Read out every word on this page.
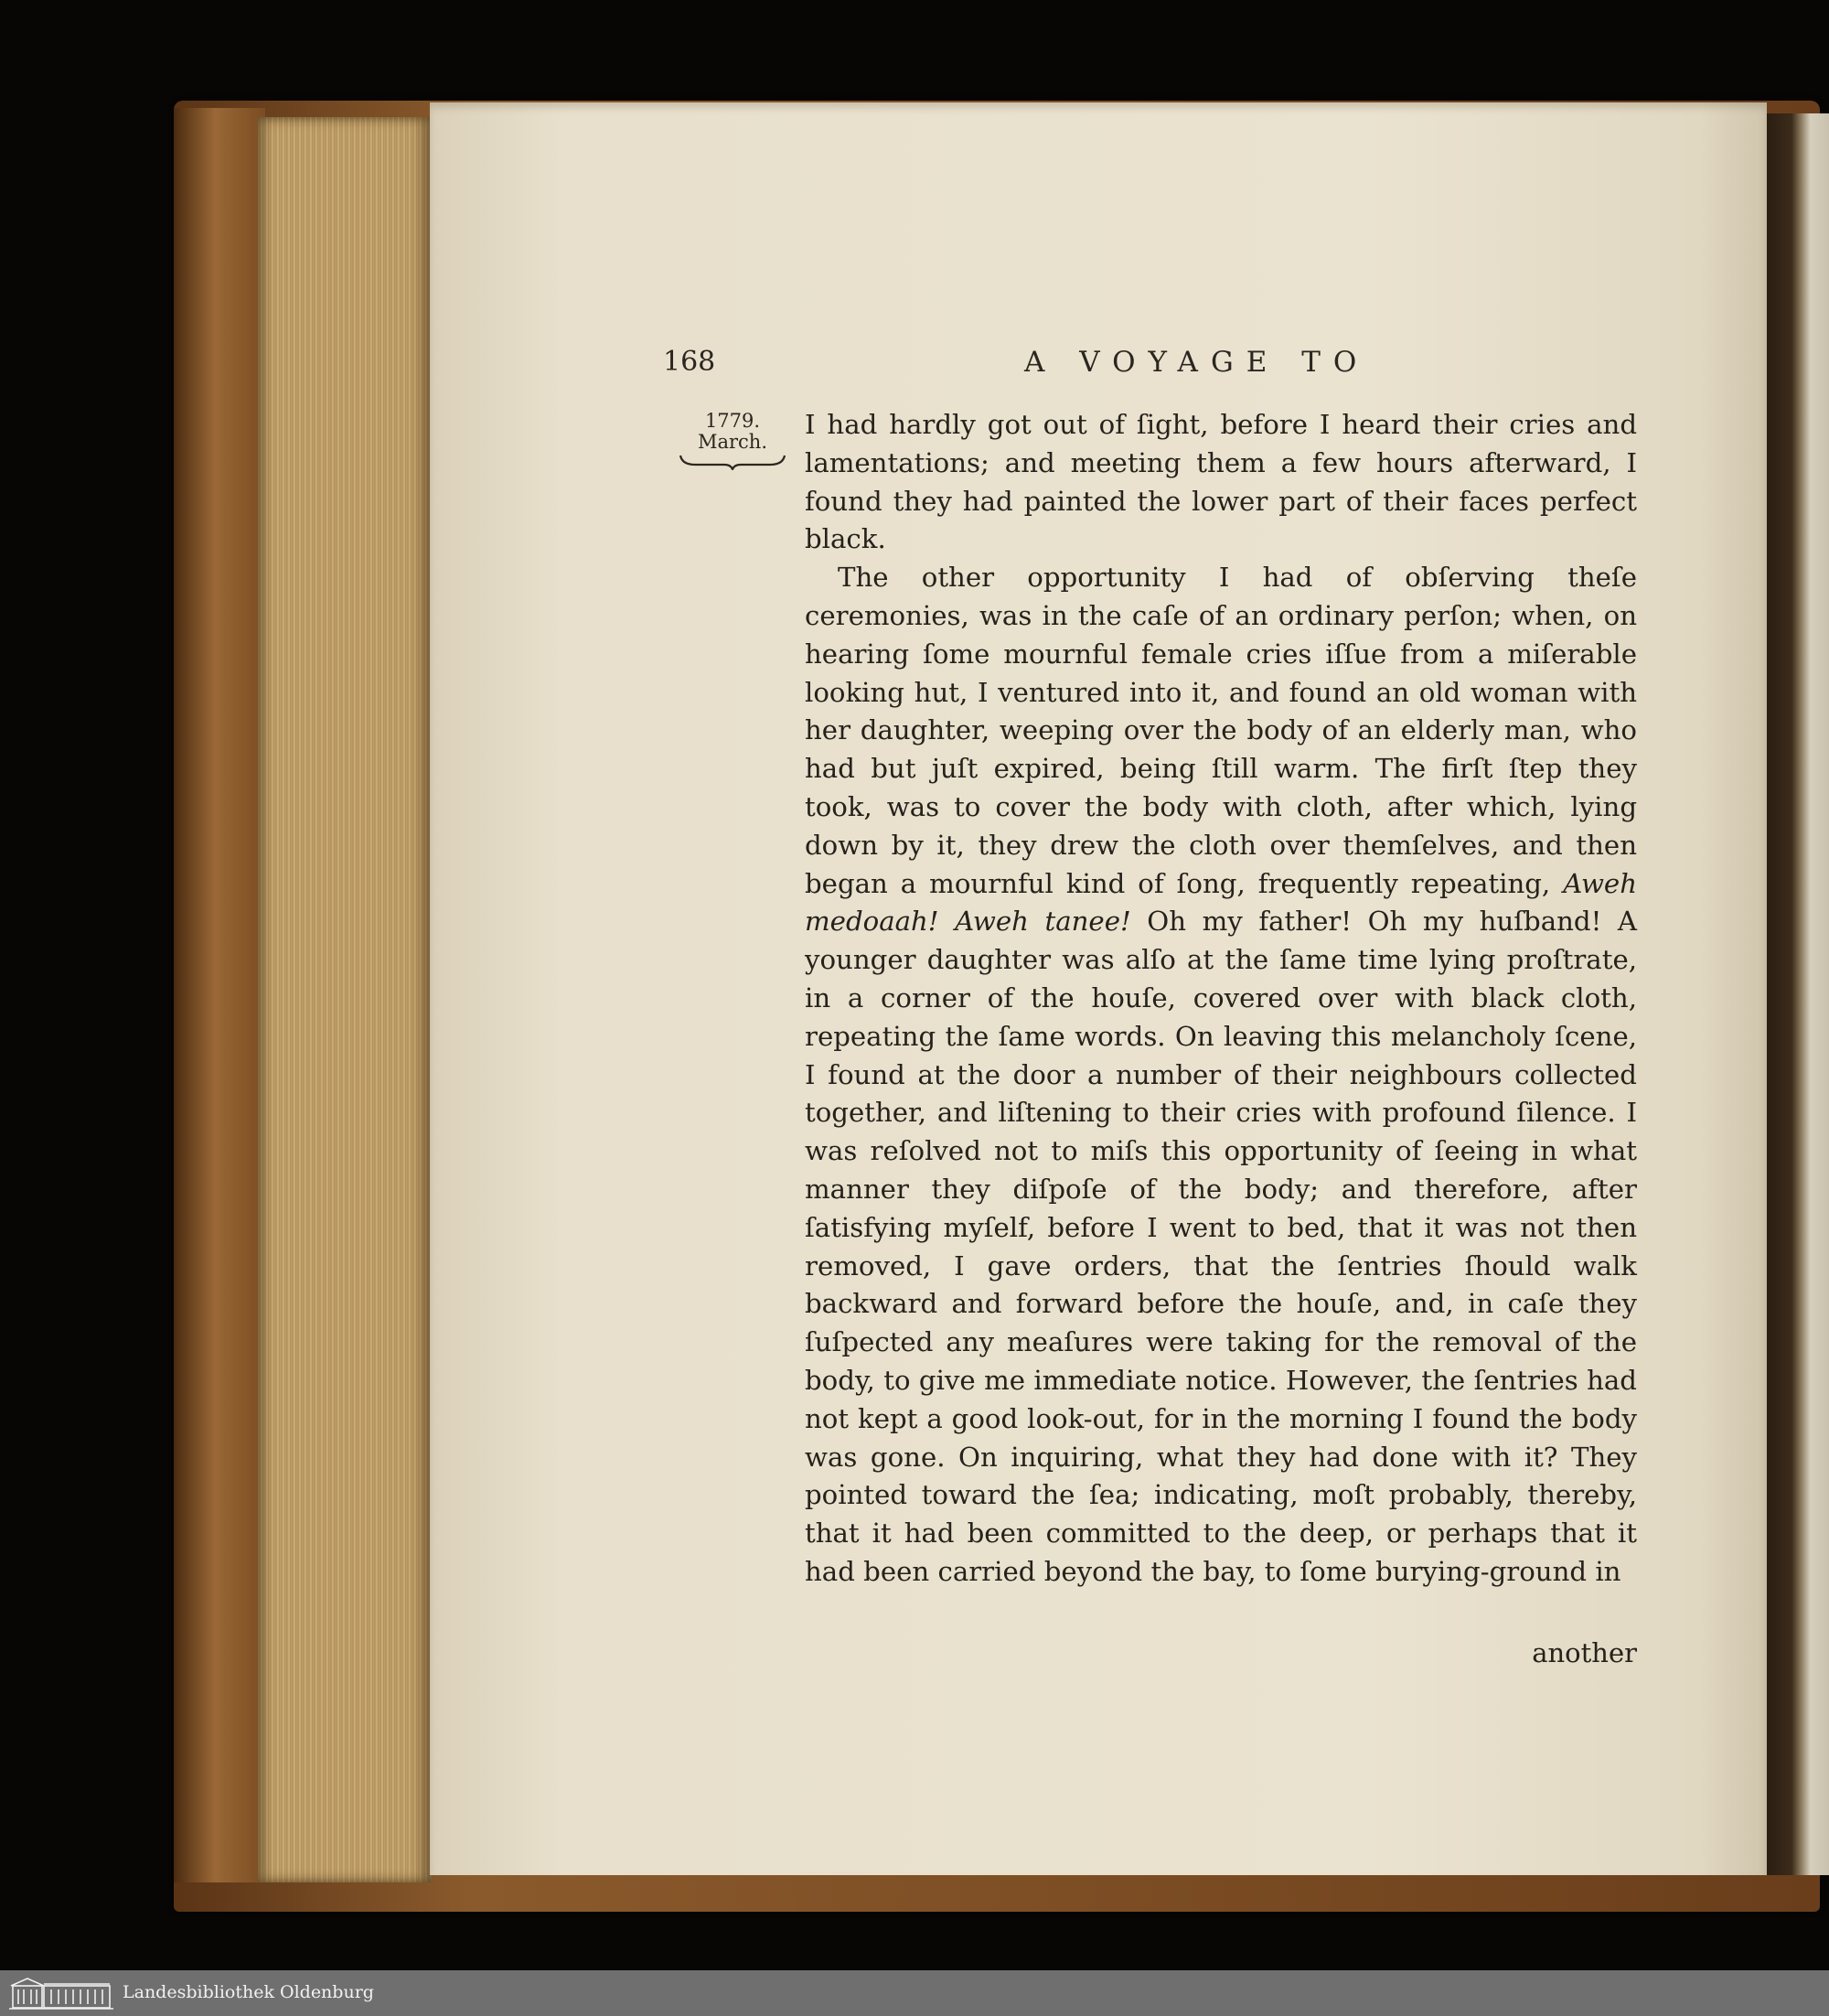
168	A VOYAGE TO
1779.
March.

I had hardly got out of ſight, before I heard their cries and lamentations; and meeting them a few hours afterward, I found they had painted the lower part of their faces perfect black.

The other opportunity I had of obſerving theſe ceremonies, was in the caſe of an ordinary perſon; when, on hearing ſome mournful female cries iſſue from a miſerable looking hut, I ventured into it, and found an old woman with her daughter, weeping over the body of an elderly man, who had but juſt expired, being ſtill warm. The firſt ſtep they took, was to cover the body with cloth, after which, lying down by it, they drew the cloth over themſelves, and then began a mournful kind of ſong, frequently repeating, Aweh medoaah! Aweh tanee! Oh my father! Oh my huſband! A younger daughter was alſo at the ſame time lying proſtrate, in a corner of the houſe, covered over with black cloth, repeating the ſame words. On leaving this melancholy ſcene, I found at the door a number of their neighbours collected together, and liſtening to their cries with profound ſilence. I was reſolved not to miſs this opportunity of ſeeing in what manner they diſpoſe of the body; and therefore, after ſatisfying myſelf, before I went to bed, that it was not then removed, I gave orders, that the ſentries ſhould walk backward and forward before the houſe, and, in caſe they ſuſpected any meaſures were taking for the removal of the body, to give me immediate notice. However, the ſentries had not kept a good look-out, for in the morning I found the body was gone. On inquiring, what they had done with it? They pointed toward the ſea; indicating, moſt probably, thereby, that it had been committed to the deep, or perhaps that it had been carried beyond the bay, to ſome burying-ground in

another
Landesbibliothek Oldenburg
